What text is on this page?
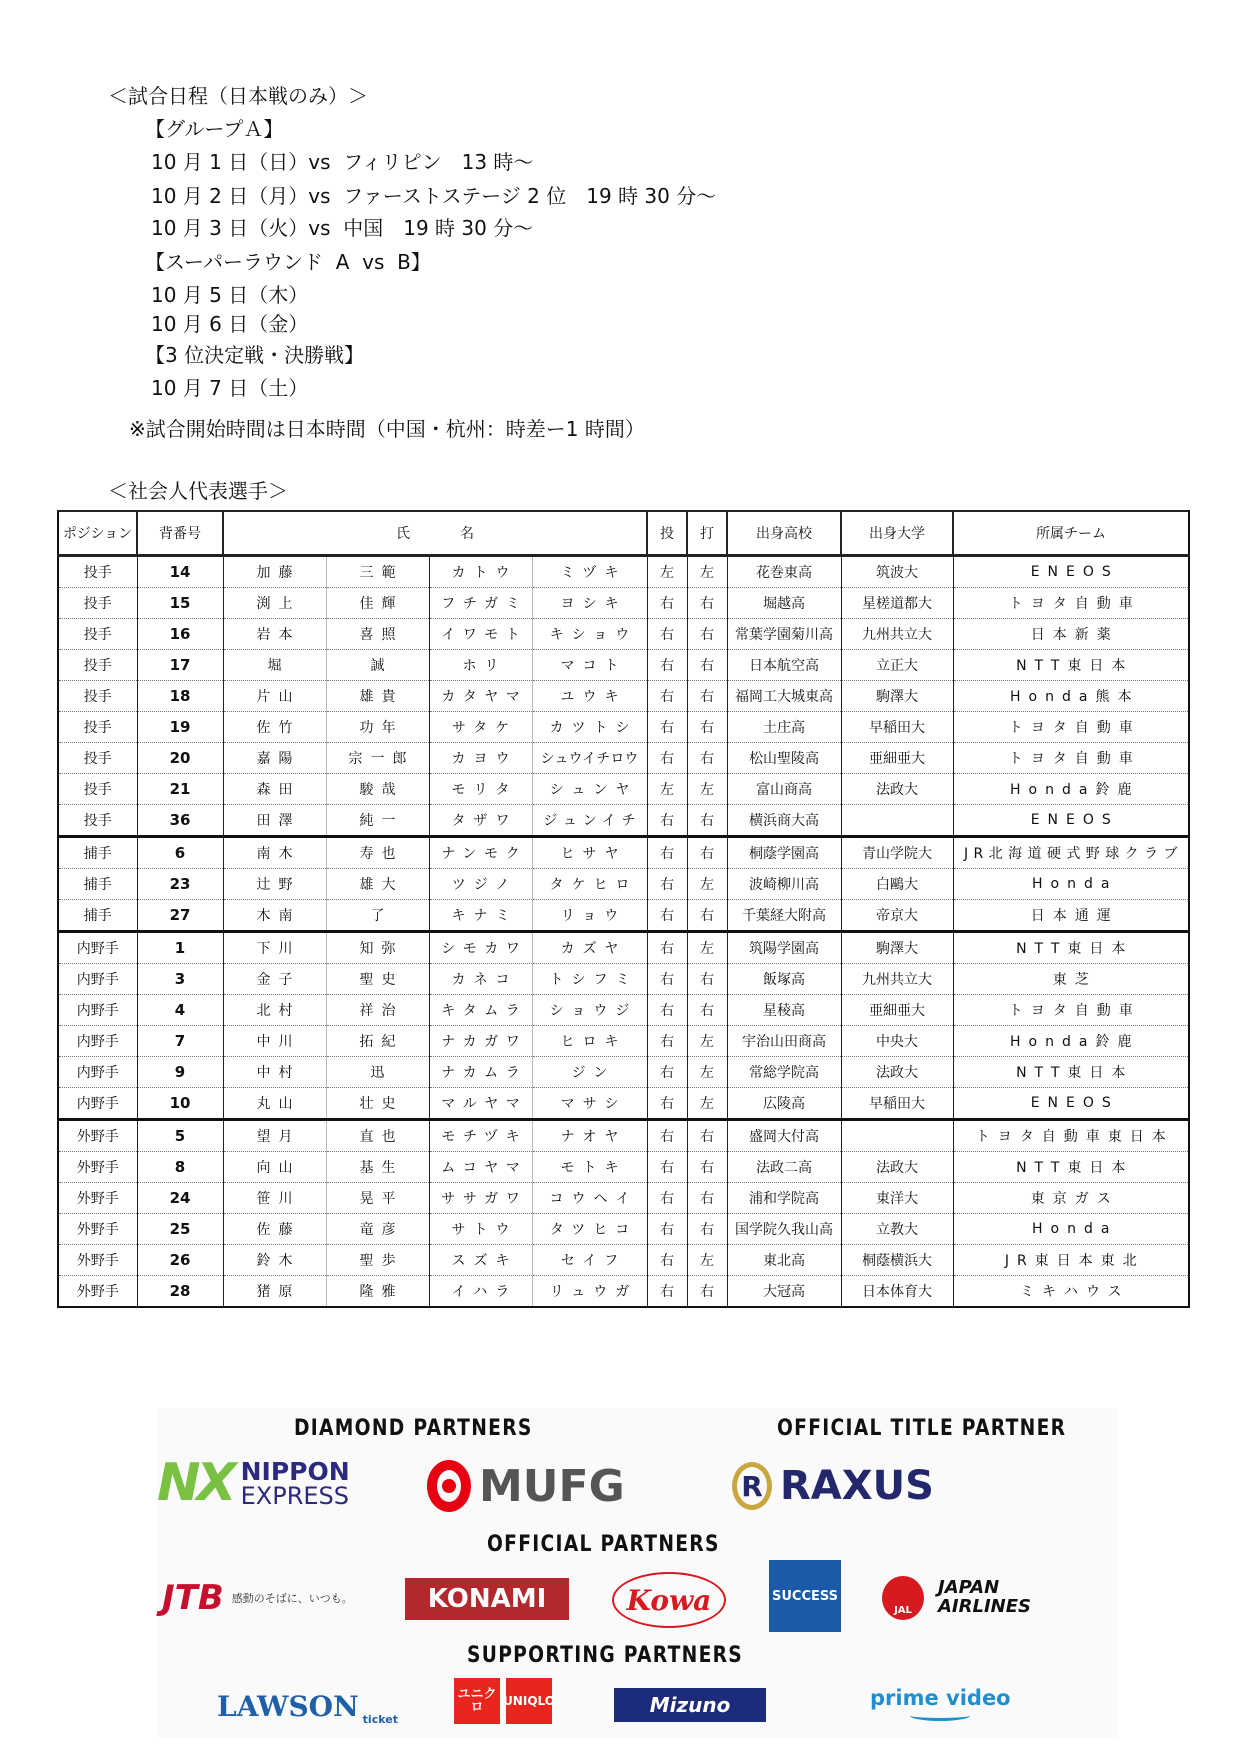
＜試合日程（日本戦のみ）＞
【グループＡ】
10 月 1 日（日）vs  フィリピン　13 時～
10 月 2 日（月）vs  ファーストステージ 2 位　19 時 30 分～
10 月 3 日（火）vs  中国　19 時 30 分～
【スーパーラウンド  A  vs  B】
10 月 5 日（木）
10 月 6 日（金）
【3 位決定戦・決勝戦】
10 月 7 日（土）
※試合開始時間は日本時間（中国・杭州：時差ー1 時間）
＜社会人代表選手＞
ポジション	背番号	氏 名				投	打	出身高校	出身大学	所属チーム
投手	14	加藤	三範	カトウ	ミヅキ	左	左	花巻東高	筑波大	ENEOS
投手	15	渕上	佳輝	フチガミ	ヨシキ	右	右	堀越高	星槎道都大	トヨタ自動車
投手	16	岩本	喜照	イワモト	キショウ	右	右	常葉学園菊川高	九州共立大	日本新薬
投手	17	堀	誠	ホリ	マコト	右	右	日本航空高	立正大	NTT東日本
投手	18	片山	雄貴	カタヤマ	ユウキ	右	右	福岡工大城東高	駒澤大	Honda熊本
投手	19	佐竹	功年	サタケ	カツトシ	右	右	土庄高	早稲田大	トヨタ自動車
投手	20	嘉陽	宗一郎	カヨウ	シュウイチロウ	右	右	松山聖陵高	亜細亜大	トヨタ自動車
投手	21	森田	駿哉	モリタ	シュンヤ	左	左	富山商高	法政大	Honda鈴鹿
投手	36	田澤	純一	タザワ	ジュンイチ	右	右	横浜商大高		ENEOS
捕手	6	南木	寿也	ナンモク	ヒサヤ	右	右	桐蔭学園高	青山学院大	JR北海道硬式野球クラブ
捕手	23	辻野	雄大	ツジノ	タケヒロ	右	左	波崎柳川高	白鷗大	Honda
捕手	27	木南	了	キナミ	リョウ	右	右	千葉経大附高	帝京大	日本通運
内野手	1	下川	知弥	シモカワ	カズヤ	右	左	筑陽学園高	駒澤大	NTT東日本
内野手	3	金子	聖史	カネコ	トシフミ	右	右	飯塚高	九州共立大	東芝
内野手	4	北村	祥治	キタムラ	ショウジ	右	右	星稜高	亜細亜大	トヨタ自動車
内野手	7	中川	拓紀	ナカガワ	ヒロキ	右	左	宇治山田商高	中央大	Honda鈴鹿
内野手	9	中村	迅	ナカムラ	ジン	右	左	常総学院高	法政大	NTT東日本
内野手	10	丸山	壮史	マルヤマ	マサシ	右	左	広陵高	早稲田大	ENEOS
外野手	5	望月	直也	モチヅキ	ナオヤ	右	右	盛岡大付高		トヨタ自動車東日本
外野手	8	向山	基生	ムコヤマ	モトキ	右	右	法政二高	法政大	NTT東日本
外野手	24	笹川	晃平	ササガワ	コウヘイ	右	右	浦和学院高	東洋大	東京ガス
外野手	25	佐藤	竜彦	サトウ	タツヒコ	右	右	国学院久我山高	立教大	Honda
外野手	26	鈴木	聖歩	スズキ	セイフ	右	左	東北高	桐蔭横浜大	JR東日本東北
外野手	28	猪原	隆雅	イハラ	リュウガ	右	右	大冠高	日本体育大	ミキハウス
DIAMOND PARTNERS	OFFICIAL TITLE PARTNER
NX NIPPON
EXPRESS	MUFG	R RAXUS
OFFICIAL PARTNERS
JTB 感動のそばに、いつも。	KONAMI	Kowa	SUCCESS
JAL
JAPAN
AIRLINES
SUPPORTING PARTNERS
LAWSON ticket
ユニクロ	UNIQLO	Mizuno	prime video
